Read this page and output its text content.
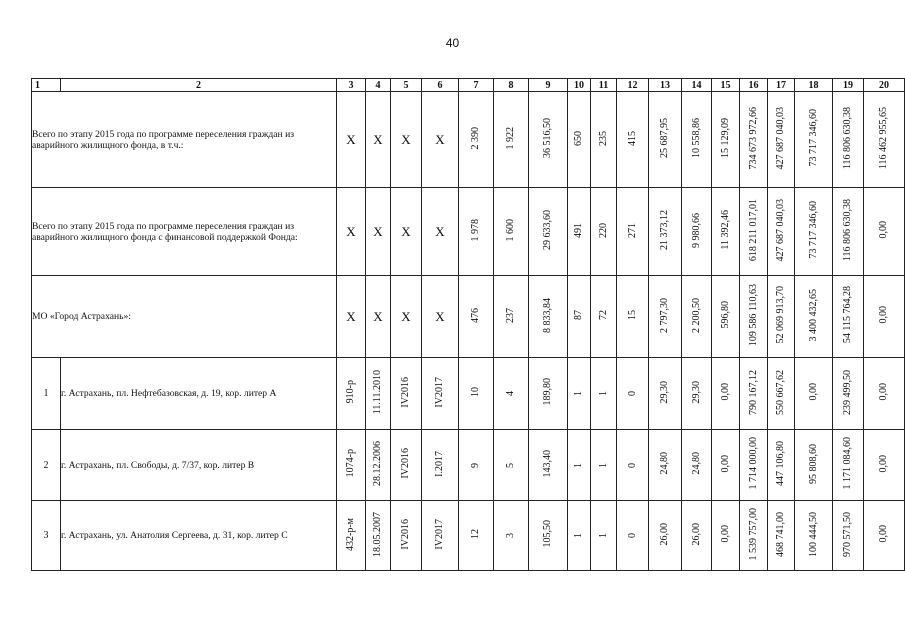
40
1	2	3	4	5	6	7	8	9	10	11	12	13	14	15	16	17	18	19	20
Всего по этапу 2015 года по программе переселения граждан из аварийного жилищного фонда, в т.ч.:		X	X	X	X	2 390	1 922	36 516,50	650	235	415	25 687,95	10 558,86	15 129,09	734 673 972,66	427 687 040,03	73 717 346,60	116 806 630,38	116 462 955,65
Всего по этапу 2015 года по программе переселения граждан из аварийного жилищного фонда с финансовой поддержкой Фонда:		X	X	X	X	1 978	1 600	29 633,60	491	220	271	21 373,12	9 980,66	11 392,46	618 211 017,01	427 687 040,03	73 717 346,60	116 806 630,38	0,00
МО «Город Астрахань»:		X	X	X	X	476	237	8 833,84	87	72	15	2 797,30	2 200,50	596,80	109 586 110,63	52 069 913,70	3 400 432,65	54 115 764,28	0,00
1	г. Астрахань, пл. Нефтебазовская, д. 19, кор. литер А	910-р	11.11.2010	IV2016	IV2017	10	4	189,80	1	1	0	29,30	29,30	0,00	790 167,12	550 667,62	0,00	239 499,50	0,00
2	г. Астрахань, пл. Свободы, д. 7/37, кор. литер В	1074-р	28.12.2006	IV2016	I.2017	9	5	143,40	1	1	0	24,80	24,80	0,00	1 714 000,00	447 106,80	95 808,60	1 171 084,60	0,00
3	г. Астрахань, ул. Анатолия Сергеева, д. 31, кор. литер С	432-р-м	18.05.2007	IV2016	IV2017	12	3	105,50	1	1	0	26,00	26,00	0,00	1 539 757,00	468 741,00	100 444,50	970 571,50	0,00
